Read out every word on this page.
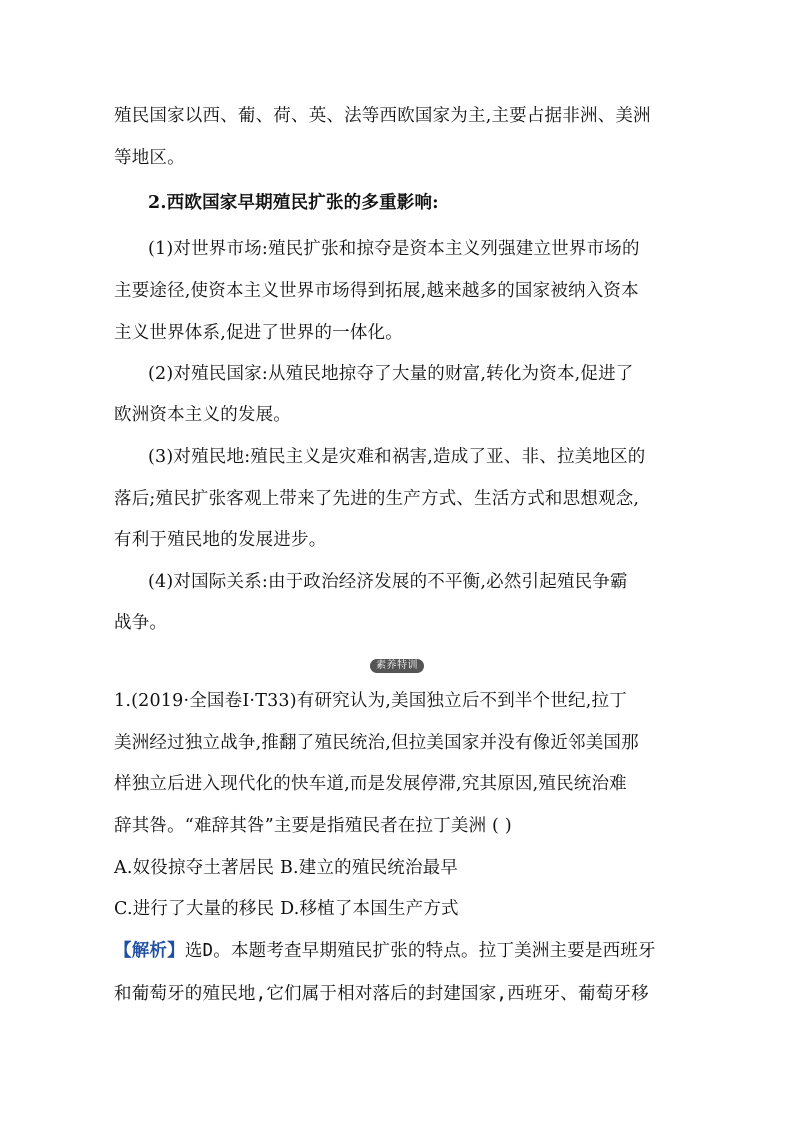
殖民国家以西、葡、荷、英、法等西欧国家为主,主要占据非洲、美洲
等地区。
2.西欧国家早期殖民扩张的多重影响:
(1)对世界市场:殖民扩张和掠夺是资本主义列强建立世界市场的
主要途径,使资本主义世界市场得到拓展,越来越多的国家被纳入资本
主义世界体系,促进了世界的一体化。
(2)对殖民国家:从殖民地掠夺了大量的财富,转化为资本,促进了
欧洲资本主义的发展。
(3)对殖民地:殖民主义是灾难和祸害,造成了亚、非、拉美地区的
落后;殖民扩张客观上带来了先进的生产方式、生活方式和思想观念,
有利于殖民地的发展进步。
(4)对国际关系:由于政治经济发展的不平衡,必然引起殖民争霸
战争。
素养特训
1.(2019·全国卷Ⅰ·T33)有研究认为,美国独立后不到半个世纪,拉丁
美洲经过独立战争,推翻了殖民统治,但拉美国家并没有像近邻美国那
样独立后进入现代化的快车道,而是发展停滞,究其原因,殖民统治难
辞其咎。“难辞其咎”主要是指殖民者在拉丁美洲 ( )
A.奴役掠夺土著居民 B.建立的殖民统治最早
C.进行了大量的移民 D.移植了本国生产方式
【解析】选D。本题考查早期殖民扩张的特点。拉丁美洲主要是西班牙
和葡萄牙的殖民地,它们属于相对落后的封建国家,西班牙、葡萄牙移
